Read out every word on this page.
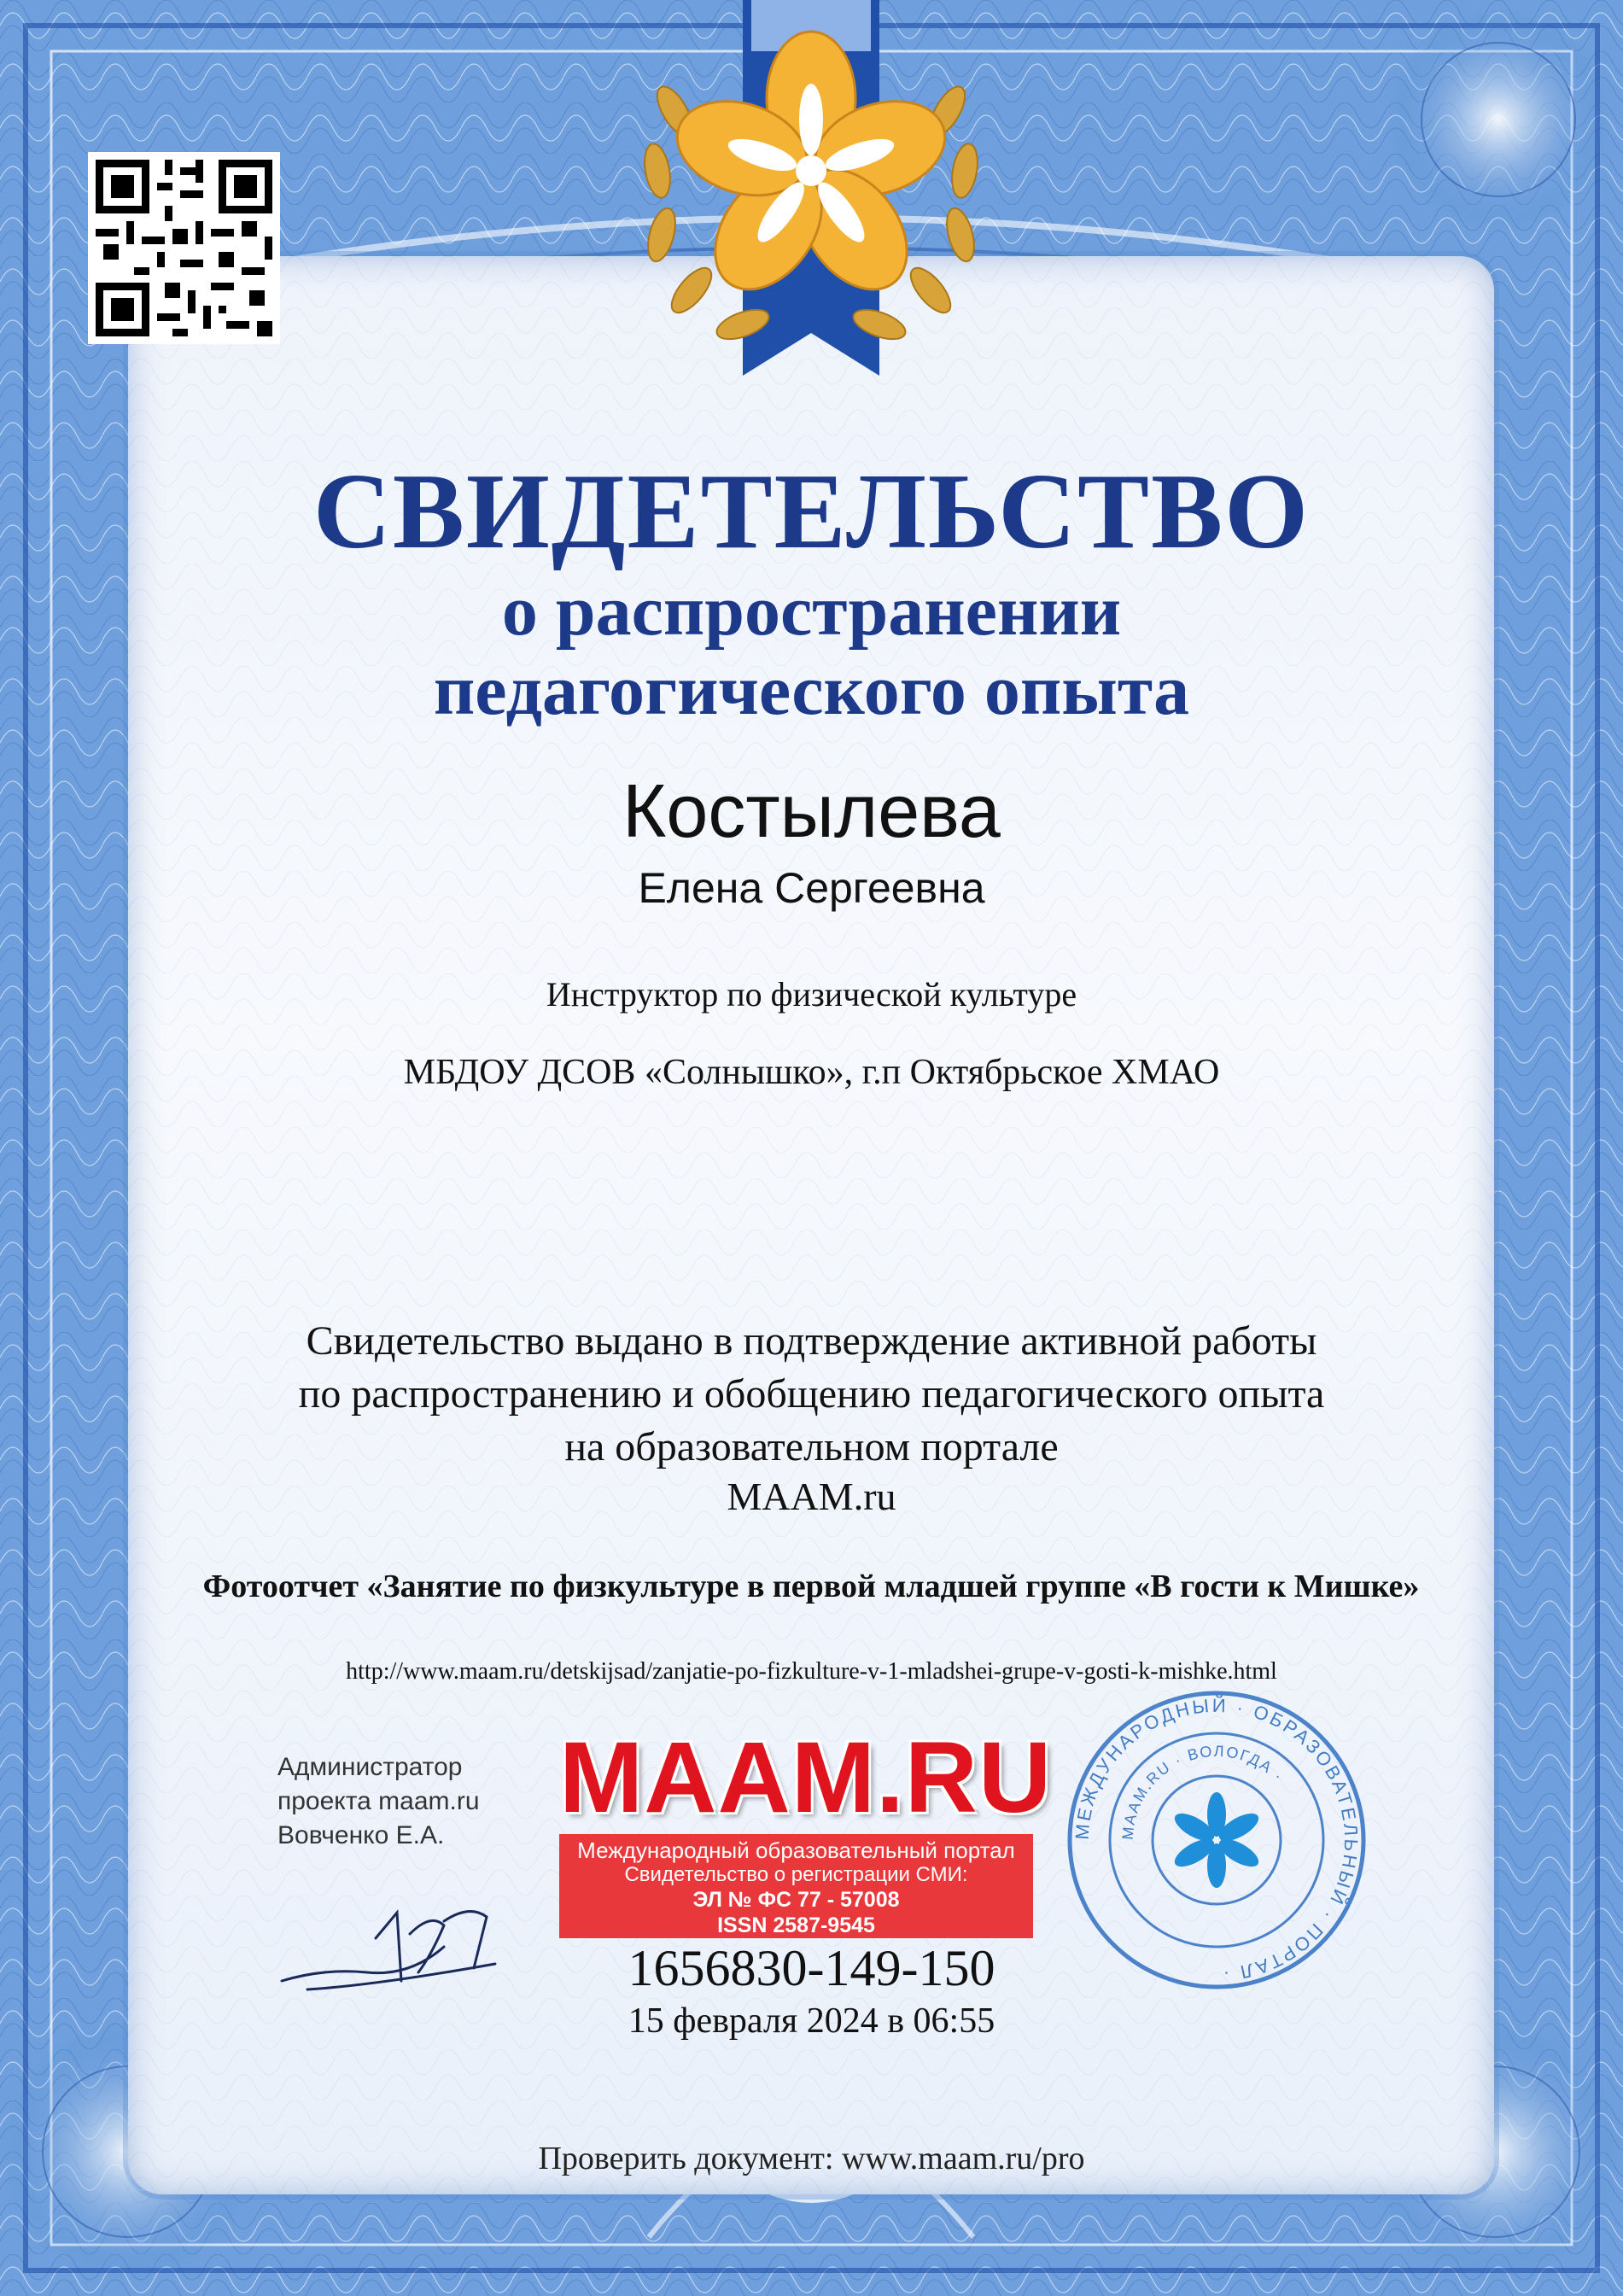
СВИДЕТЕЛЬСТВО
о распространении
педагогического опыта
Костылева
Елена Сергеевна
Инструктор по физической культуре
МБДОУ ДСОВ «Солнышко», г.п Октябрьское ХМАО
Свидетельство выдано в подтверждение активной работы
по распространению и обобщению педагогического опыта
на образовательном портале
MAAM.ru
Фотоотчет «Занятие по физкультуре в первой младшей группе «В гости к Мишке»
http://www.maam.ru/detskijsad/zanjatie-po-fizkulture-v-1-mladshei-grupe-v-gosti-k-mishke.html
Администратор
проекта maam.ru
Вовченко Е.А.
MAAM.RU
Международный образовательный портал
Свидетельство о регистрации СМИ:
ЭЛ № ФС 77 - 57008
ISSN 2587-9545
МЕЖДУНАРОДНЫЙ · ОБРАЗОВАТЕЛЬНЫЙ · ПОРТАЛ ·
MAAM.RU · ВОЛОГДА ·
1656830-149-150
15 февраля 2024 в 06:55
Проверить документ: www.maam.ru/pro
